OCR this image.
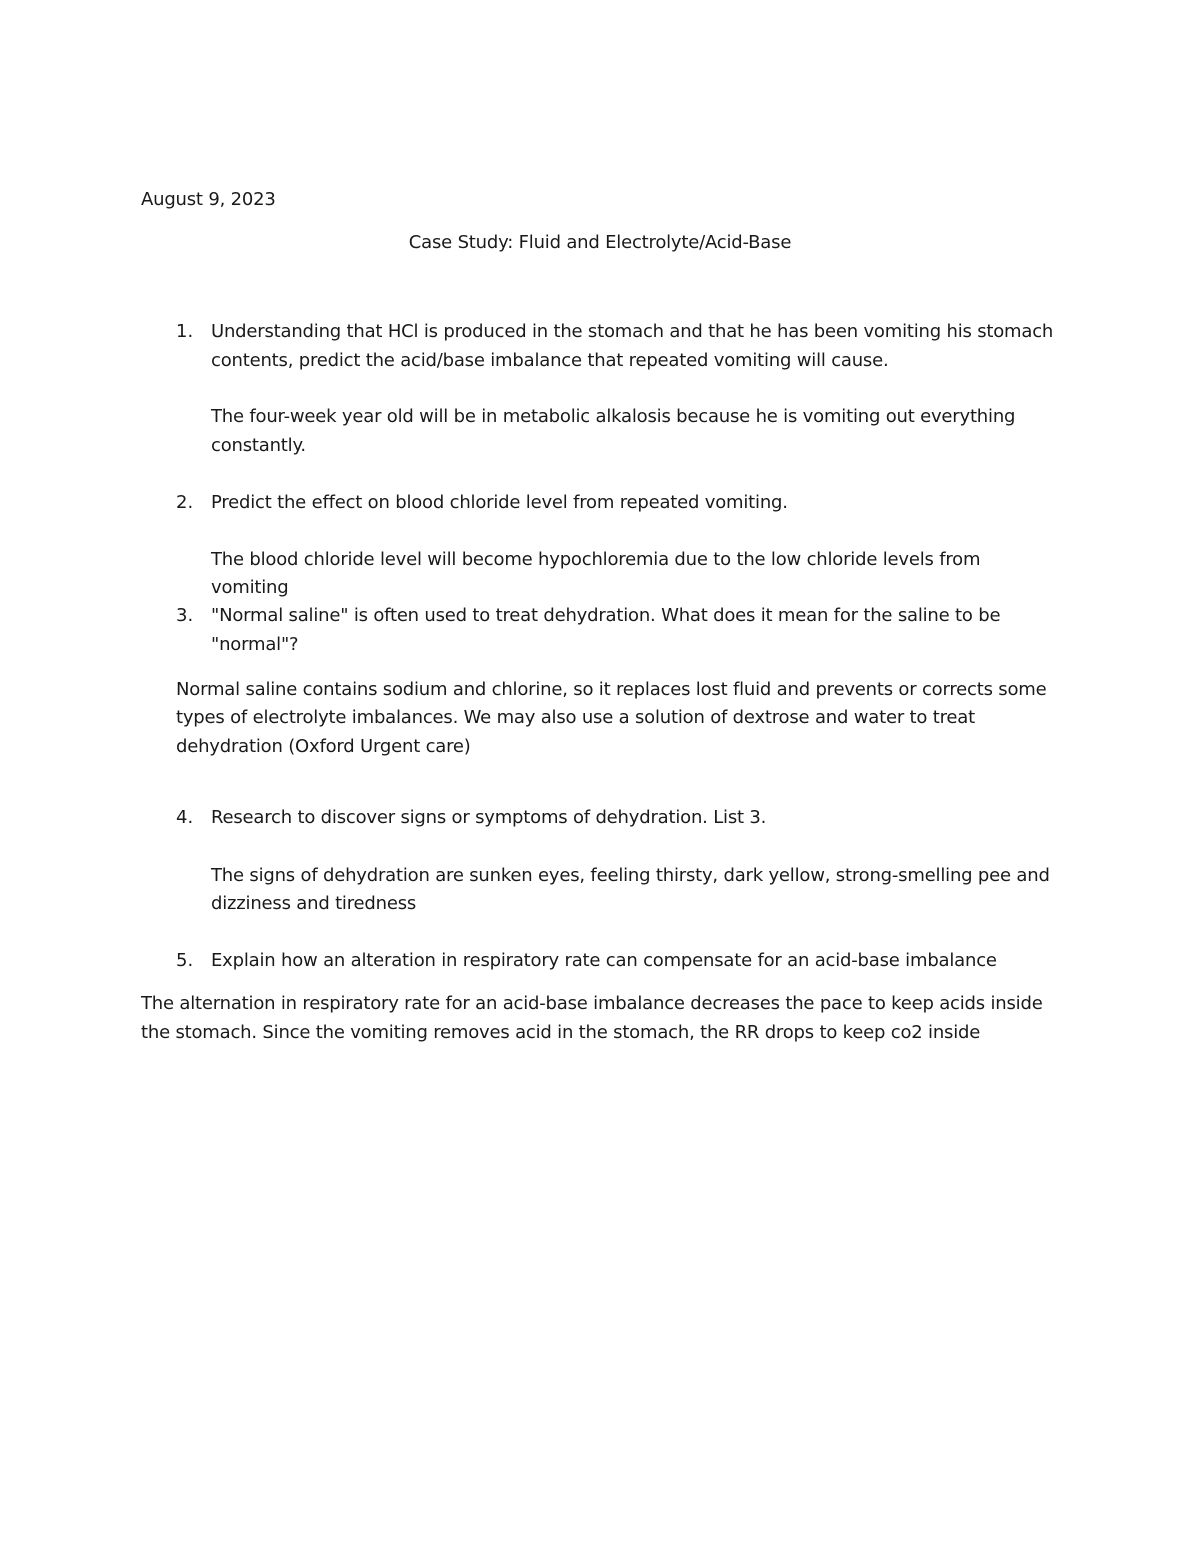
August 9, 2023
Case Study: Fluid and Electrolyte/Acid-Base
1. Understanding that HCl is produced in the stomach and that he has been vomiting his stomach
contents, predict the acid/base imbalance that repeated vomiting will cause.
The four-week year old will be in metabolic alkalosis because he is vomiting out everything
constantly.
2. Predict the effect on blood chloride level from repeated vomiting.
The blood chloride level will become hypochloremia due to the low chloride levels from
vomiting
3. "Normal saline" is often used to treat dehydration. What does it mean for the saline to be
"normal"?
Normal saline contains sodium and chlorine, so it replaces lost fluid and prevents or corrects some
types of electrolyte imbalances. We may also use a solution of dextrose and water to treat
dehydration (Oxford Urgent care)
4. Research to discover signs or symptoms of dehydration. List 3.
The signs of dehydration are sunken eyes, feeling thirsty, dark yellow, strong-smelling pee and
dizziness and tiredness
5. Explain how an alteration in respiratory rate can compensate for an acid-base imbalance
The alternation in respiratory rate for an acid-base imbalance decreases the pace to keep acids inside
the stomach. Since the vomiting removes acid in the stomach, the RR drops to keep co2 inside
